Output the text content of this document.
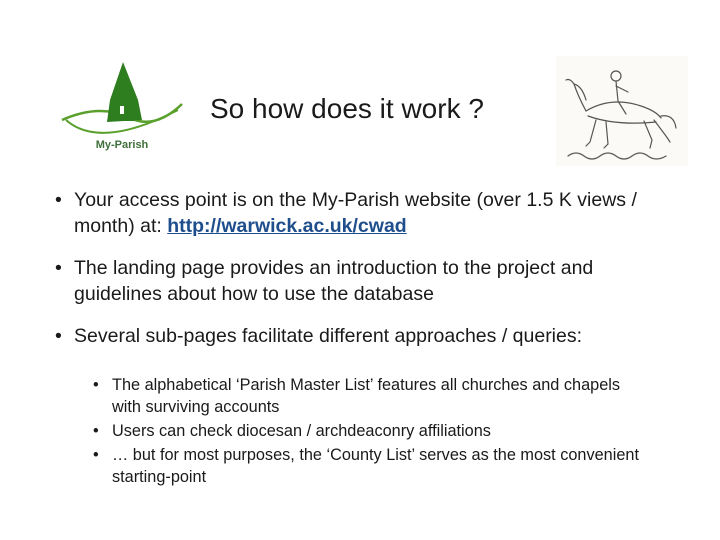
My-Parish
So how does it work ?
• Your access point is on the My-Parish website (over 1.5 K views / month) at: http://warwick.ac.uk/cwad
• The landing page provides an introduction to the project and guidelines about how to use the database
• Several sub-pages facilitate different approaches / queries:
• The alphabetical ‘Parish Master List’ features all churches and chapels with surviving accounts
• Users can check diocesan / archdeaconry affiliations
• … but for most purposes, the ‘County List’ serves as the most convenient starting-point
